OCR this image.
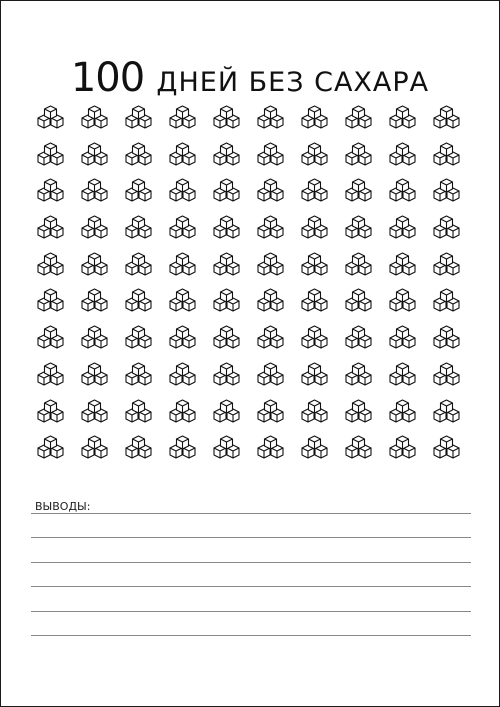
100 ДНЕЙ БЕЗ САХАРА
ВЫВОДЫ:
